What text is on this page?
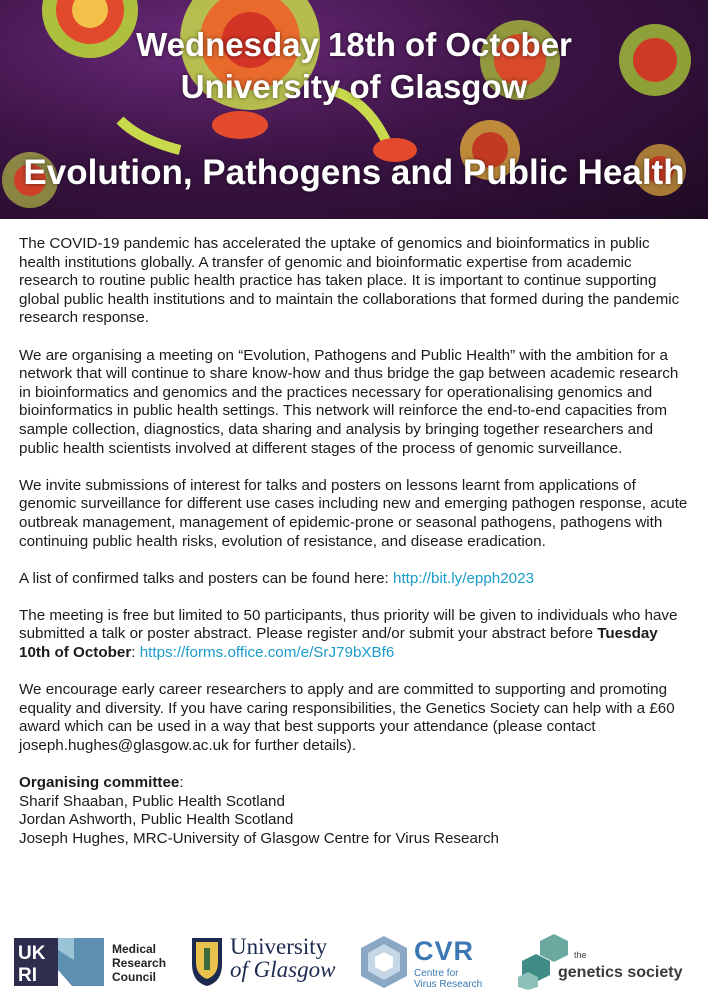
Wednesday 18th of October
University of Glasgow
Evolution, Pathogens and Public Health

The COVID-19 pandemic has accelerated the uptake of genomics and bioinformatics in public health institutions globally. A transfer of genomic and bioinformatic expertise from academic research to routine public health practice has taken place. It is important to continue supporting global public health institutions and to maintain the collaborations that formed during the pandemic research response.

We are organising a meeting on “Evolution, Pathogens and Public Health” with the ambition for a network that will continue to share know-how and thus bridge the gap between academic research in bioinformatics and genomics and the practices necessary for operationalising genomics and bioinformatics in public health settings. This network will reinforce the end-to-end capacities from sample collection, diagnostics, data sharing and analysis by bringing together researchers and public health scientists involved at different stages of the process of genomic surveillance.

We invite submissions of interest for talks and posters on lessons learnt from applications of genomic surveillance for different use cases including new and emerging pathogen response, acute outbreak management, management of epidemic-prone or seasonal pathogens, pathogens with continuing public health risks, evolution of resistance, and disease eradication.

A list of confirmed talks and posters can be found here: http://bit.ly/epph2023

The meeting is free but limited to 50 participants, thus priority will be given to individuals who have submitted a talk or poster abstract. Please register and/or submit your abstract before Tuesday 10th of October: https://forms.office.com/e/SrJ79bXBf6

We encourage early career researchers to apply and are committed to supporting and promoting equality and diversity. If you have caring responsibilities, the Genetics Society can help with a £60 award which can be used in a way that best supports your attendance (please contact joseph.hughes@glasgow.ac.uk for further details).

Organising committee:
Sharif Shaaban, Public Health Scotland
Jordan Ashworth, Public Health Scotland
Joseph Hughes, MRC-University of Glasgow Centre for Virus Research
UK
RI
Medical
Research
Council
University
of Glasgow
CVR
Centre for
Virus Research
the
genetics society
